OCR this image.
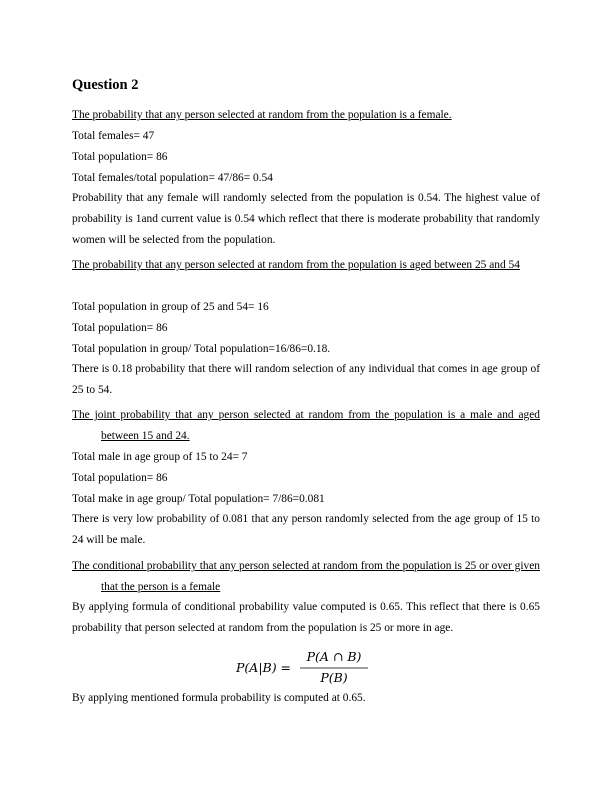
Question 2
The probability that any person selected at random from the population is a female.
Total females= 47
Total population= 86
Total females/total population= 47/86= 0.54
Probability that any female will randomly selected from the population is 0.54. The highest value of probability is 1and current value is 0.54 which reflect that there is moderate probability that randomly women will be selected from the population.
The probability that any person selected at random from the population is aged between 25 and 54
Total population in group of 25 and 54= 16
Total population= 86
Total population in group/ Total population=16/86=0.18.
There is 0.18 probability that there will random selection of any individual that comes in age group of 25 to 54.
The joint probability that any person selected at random from the population is a male and aged between 15 and 24.
Total male in age group of 15 to 24= 7
Total population= 86
Total make in age group/ Total population= 7/86=0.081
There is very low probability of 0.081 that any person randomly selected from the age group of 15 to 24 will be male.
The conditional probability that any person selected at random from the population is 25 or over given that the person is a female
By applying formula of conditional probability value computed is 0.65. This reflect that there is 0.65 probability that person selected at random from the population is 25 or more in age.
P(A|B) =
P(A ∩ B)
P(B)
By applying mentioned formula probability is computed at 0.65.
